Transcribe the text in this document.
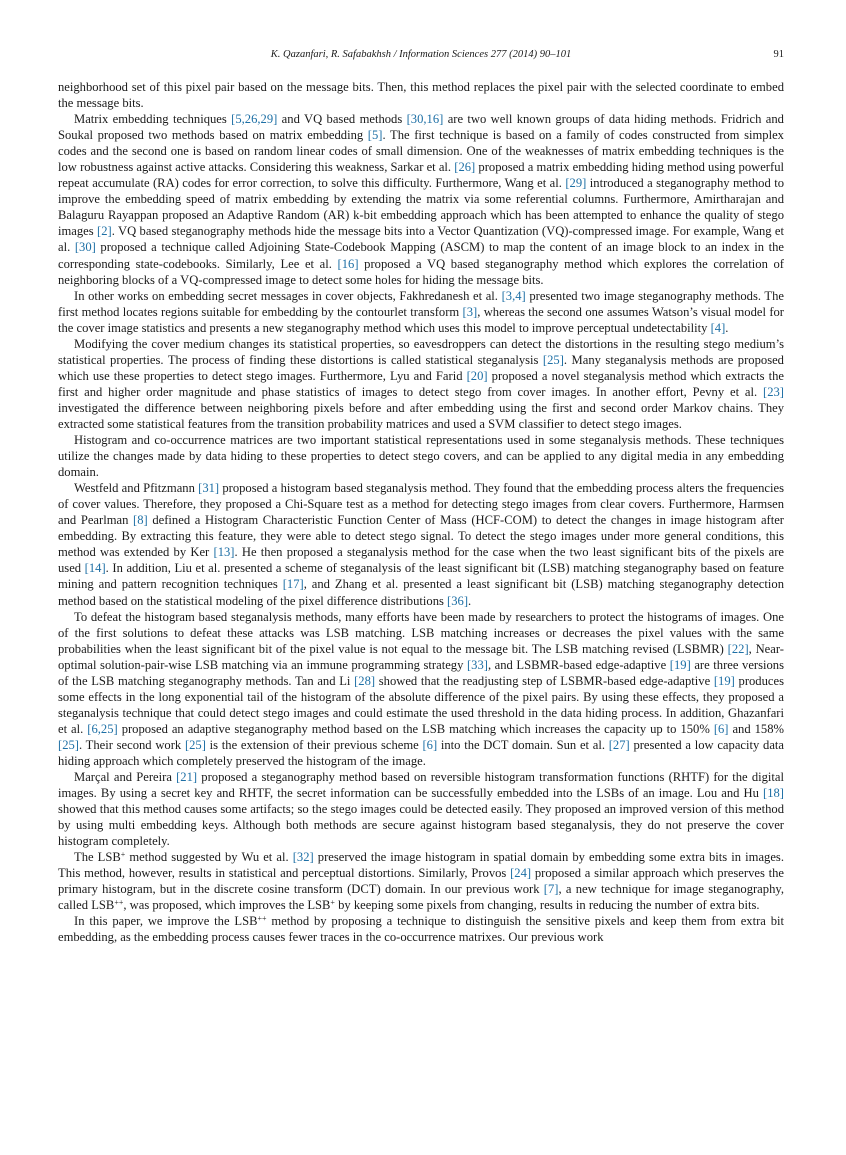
K. Qazanfari, R. Safabakhsh / Information Sciences 277 (2014) 90–101	91

neighborhood set of this pixel pair based on the message bits. Then, this method replaces the pixel pair with the selected coordinate to embed the message bits.

Matrix embedding techniques [5,26,29] and VQ based methods [30,16] are two well known groups of data hiding methods. Fridrich and Soukal proposed two methods based on matrix embedding [5]. The first technique is based on a family of codes constructed from simplex codes and the second one is based on random linear codes of small dimension. One of the weaknesses of matrix embedding techniques is the low robustness against active attacks. Considering this weakness, Sarkar et al. [26] proposed a matrix embedding hiding method using powerful repeat accumulate (RA) codes for error correction, to solve this difficulty. Furthermore, Wang et al. [29] introduced a steganography method to improve the embedding speed of matrix embedding by extending the matrix via some referential columns. Furthermore, Amirtharajan and Balaguru Rayappan proposed an Adaptive Random (AR) k-bit embedding approach which has been attempted to enhance the quality of stego images [2]. VQ based steganography methods hide the message bits into a Vector Quantization (VQ)-compressed image. For example, Wang et al. [30] proposed a technique called Adjoining State-Codebook Mapping (ASCM) to map the content of an image block to an index in the corresponding state-codebooks. Similarly, Lee et al. [16] proposed a VQ based steganography method which explores the correlation of neighboring blocks of a VQ-compressed image to detect some holes for hiding the message bits.

In other works on embedding secret messages in cover objects, Fakhredanesh et al. [3,4] presented two image steganography methods. The first method locates regions suitable for embedding by the contourlet transform [3], whereas the second one assumes Watson’s visual model for the cover image statistics and presents a new steganography method which uses this model to improve perceptual undetectability [4].

Modifying the cover medium changes its statistical properties, so eavesdroppers can detect the distortions in the resulting stego medium’s statistical properties. The process of finding these distortions is called statistical steganalysis [25]. Many steganalysis methods are proposed which use these properties to detect stego images. Furthermore, Lyu and Farid [20] proposed a novel steganalysis method which extracts the first and higher order magnitude and phase statistics of images to detect stego from cover images. In another effort, Pevny et al. [23] investigated the difference between neighboring pixels before and after embedding using the first and second order Markov chains. They extracted some statistical features from the transition probability matrices and used a SVM classifier to detect stego images.

Histogram and co-occurrence matrices are two important statistical representations used in some steganalysis methods. These techniques utilize the changes made by data hiding to these properties to detect stego covers, and can be applied to any digital media in any embedding domain.

Westfeld and Pfitzmann [31] proposed a histogram based steganalysis method. They found that the embedding process alters the frequencies of cover values. Therefore, they proposed a Chi-Square test as a method for detecting stego images from clear covers. Furthermore, Harmsen and Pearlman [8] defined a Histogram Characteristic Function Center of Mass (HCF-COM) to detect the changes in image histogram after embedding. By extracting this feature, they were able to detect stego signal. To detect the stego images under more general conditions, this method was extended by Ker [13]. He then proposed a steganalysis method for the case when the two least significant bits of the pixels are used [14]. In addition, Liu et al. presented a scheme of steganalysis of the least significant bit (LSB) matching steganography based on feature mining and pattern recognition techniques [17], and Zhang et al. presented a least significant bit (LSB) matching steganography detection method based on the statistical modeling of the pixel difference distributions [36].

To defeat the histogram based steganalysis methods, many efforts have been made by researchers to protect the histograms of images. One of the first solutions to defeat these attacks was LSB matching. LSB matching increases or decreases the pixel values with the same probabilities when the least significant bit of the pixel value is not equal to the message bit. The LSB matching revised (LSBMR) [22], Near-optimal solution-pair-wise LSB matching via an immune programming strategy [33], and LSBMR-based edge-adaptive [19] are three versions of the LSB matching steganography methods. Tan and Li [28] showed that the readjusting step of LSBMR-based edge-adaptive [19] produces some effects in the long exponential tail of the histogram of the absolute difference of the pixel pairs. By using these effects, they proposed a steganalysis technique that could detect stego images and could estimate the used threshold in the data hiding process. In addition, Ghazanfari et al. [6,25] proposed an adaptive steganography method based on the LSB matching which increases the capacity up to 150% [6] and 158% [25]. Their second work [25] is the extension of their previous scheme [6] into the DCT domain. Sun et al. [27] presented a low capacity data hiding approach which completely preserved the histogram of the image.

Marçal and Pereira [21] proposed a steganography method based on reversible histogram transformation functions (RHTF) for the digital images. By using a secret key and RHTF, the secret information can be successfully embedded into the LSBs of an image. Lou and Hu [18] showed that this method causes some artifacts; so the stego images could be detected easily. They proposed an improved version of this method by using multi embedding keys. Although both methods are secure against histogram based steganalysis, they do not preserve the cover histogram completely.

The LSB+ method suggested by Wu et al. [32] preserved the image histogram in spatial domain by embedding some extra bits in images. This method, however, results in statistical and perceptual distortions. Similarly, Provos [24] proposed a similar approach which preserves the primary histogram, but in the discrete cosine transform (DCT) domain. In our previous work [7], a new technique for image steganography, called LSB++, was proposed, which improves the LSB+ by keeping some pixels from changing, results in reducing the number of extra bits.

In this paper, we improve the LSB++ method by proposing a technique to distinguish the sensitive pixels and keep them from extra bit embedding, as the embedding process causes fewer traces in the co-occurrence matrixes. Our previous work
